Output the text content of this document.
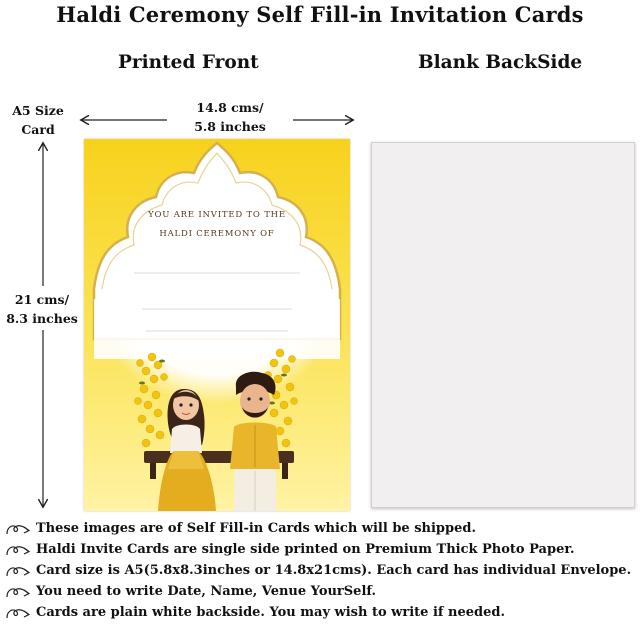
Haldi Ceremony Self Fill-in Invitation Cards
Printed Front	Blank BackSide
A5 Size
Card
14.8 cms/
5.8 inches
21 cms/
8.3 inches
YOU ARE INVITED TO THE
HALDI CEREMONY OF
These images are of Self Fill-in Cards which will be shipped.
Haldi Invite Cards are single side printed on Premium Thick Photo Paper.
Card size is A5(5.8x8.3inches or 14.8x21cms). Each card has individual Envelope.
You need to write Date, Name, Venue YourSelf.
Cards are plain white backside. You may wish to write if needed.
